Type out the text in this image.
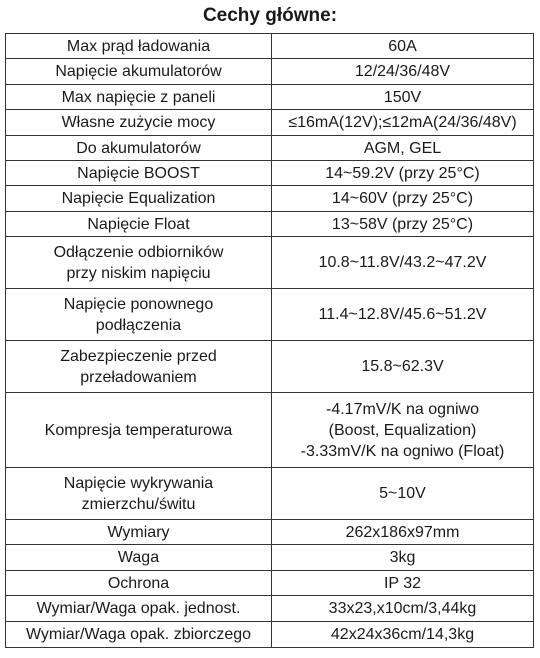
Cechy główne:
Max prąd ładowania	60A

Napięcie akumulatorów	12/24/36/48V

Max napięcie z paneli	150V

Własne zużycie mocy	≤16mA(12V);≤12mA(24/36/48V)

Do akumulatorów	AGM, GEL

Napięcie BOOST	14~59.2V (przy 25°C)

Napięcie Equalization	14~60V (przy 25°C)

Napięcie Float	13~58V (przy 25°C)

Odłączenie odbiorników
przy niskim napięciu	10.8~11.8V/43.2~47.2V

Napięcie ponownego
podłączenia	11.4~12.8V/45.6~51.2V

Zabezpieczenie przed
przeładowaniem	15.8~62.3V

Kompresja temperaturowa	-4.17mV/K na ogniwo
(Boost, Equalization)
-3.33mV/K na ogniwo (Float)

Napięcie wykrywania
zmierzchu/świtu	5~10V

Wymiary	262x186x97mm

Waga	3kg

Ochrona	IP 32

Wymiar/Waga opak. jednost.	33x23,x10cm/3,44kg

Wymiar/Waga opak. zbiorczego	42x24x36cm/14,3kg
